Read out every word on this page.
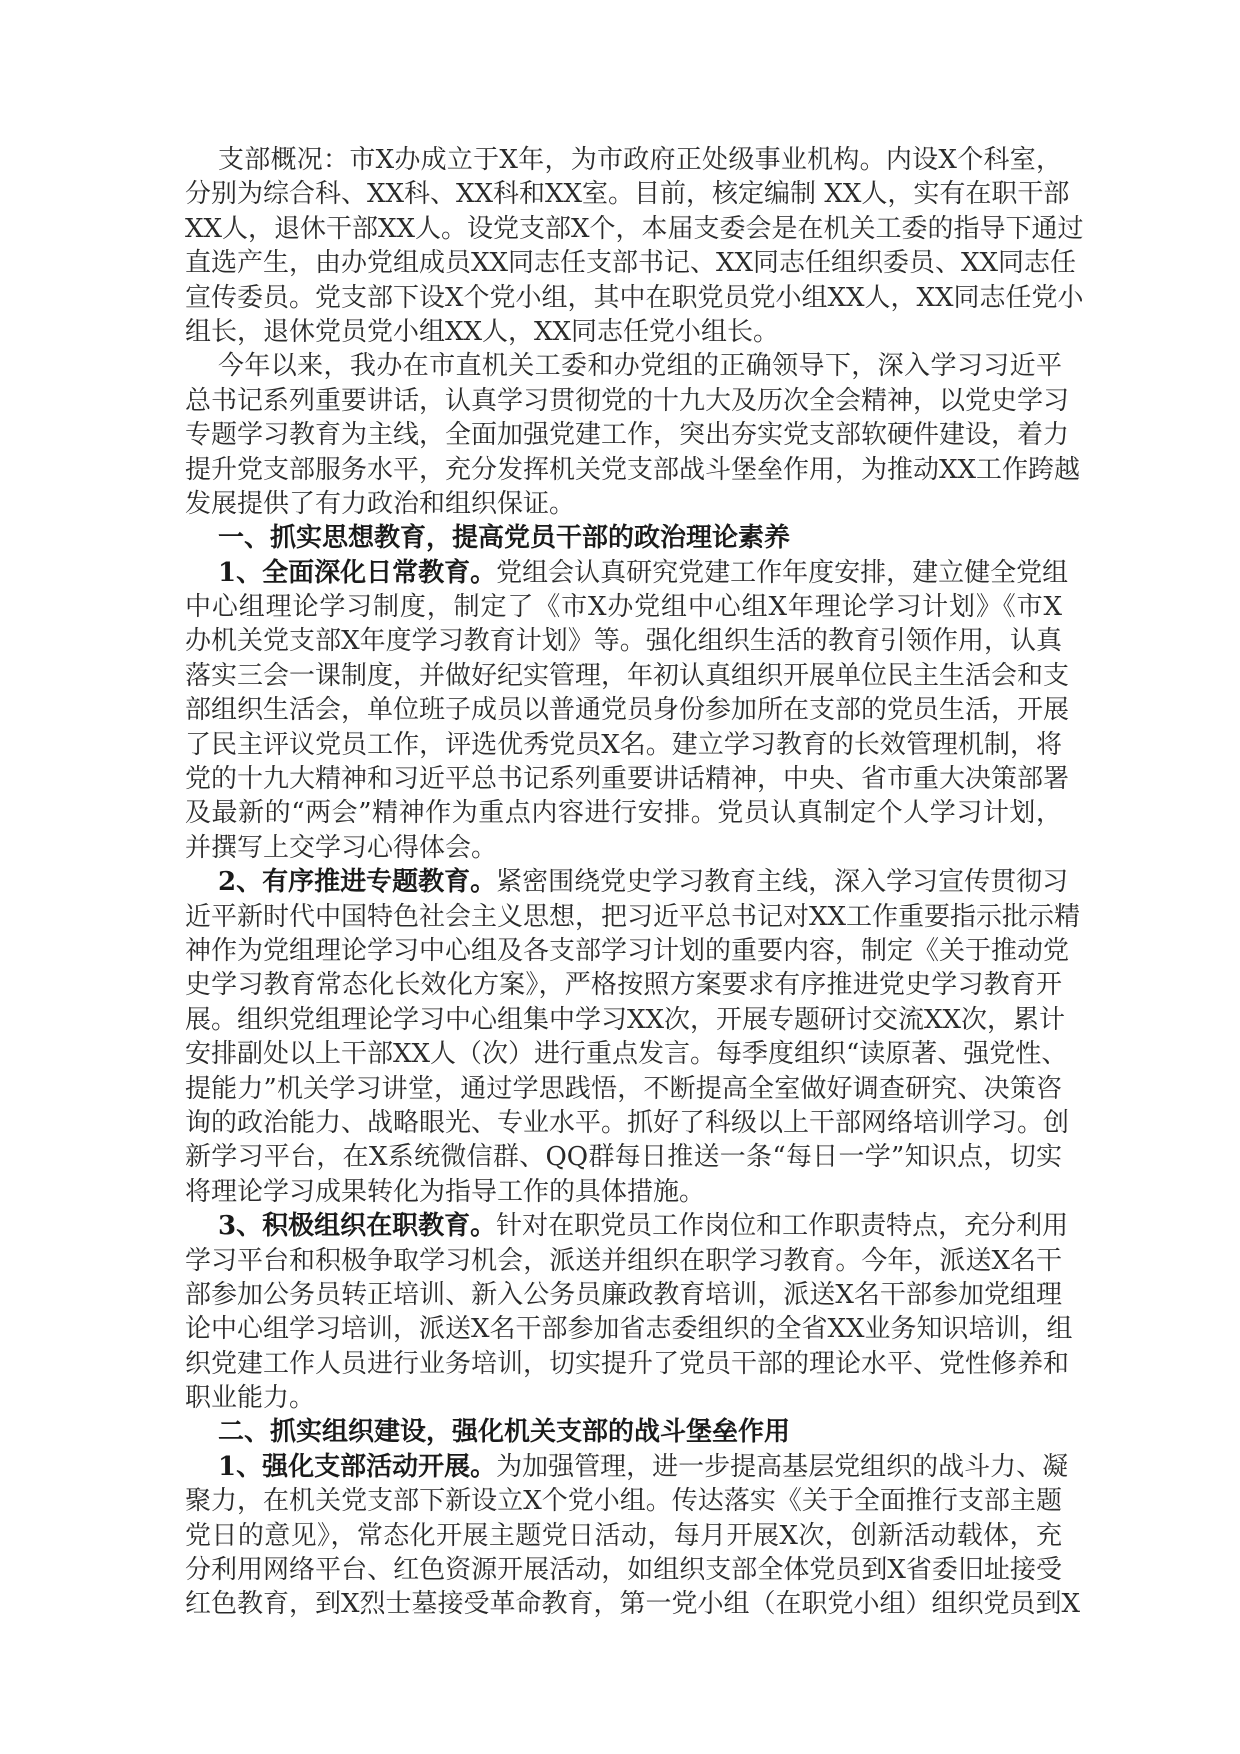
支部概况：市X办成立于X年，为市政府正处级事业机构。内设X个科室，
分别为综合科、XX科、XX科和XX室。目前，核定编制 XX人，实有在职干部
XX人，退休干部XX人。设党支部X个，本届支委会是在机关工委的指导下通过
直选产生，由办党组成员XX同志任支部书记、XX同志任组织委员、XX同志任
宣传委员。党支部下设X个党小组，其中在职党员党小组XX人，XX同志任党小
组长，退休党员党小组XX人，XX同志任党小组长。
今年以来，我办在市直机关工委和办党组的正确领导下，深入学习习近平
总书记系列重要讲话，认真学习贯彻党的十九大及历次全会精神，以党史学习
专题学习教育为主线，全面加强党建工作，突出夯实党支部软硬件建设，着力
提升党支部服务水平，充分发挥机关党支部战斗堡垒作用，为推动XX工作跨越
发展提供了有力政治和组织保证。
一、抓实思想教育，提高党员干部的政治理论素养
1、全面深化日常教育。党组会认真研究党建工作年度安排，建立健全党组
中心组理论学习制度，制定了《市X办党组中心组X年理论学习计划》《市X
办机关党支部X年度学习教育计划》等。强化组织生活的教育引领作用，认真
落实三会一课制度，并做好纪实管理，年初认真组织开展单位民主生活会和支
部组织生活会，单位班子成员以普通党员身份参加所在支部的党员生活，开展
了民主评议党员工作，评选优秀党员X名。建立学习教育的长效管理机制，将
党的十九大精神和习近平总书记系列重要讲话精神，中央、省市重大决策部署
及最新的“两会”精神作为重点内容进行安排。党员认真制定个人学习计划，
并撰写上交学习心得体会。
2、有序推进专题教育。紧密围绕党史学习教育主线，深入学习宣传贯彻习
近平新时代中国特色社会主义思想，把习近平总书记对XX工作重要指示批示精
神作为党组理论学习中心组及各支部学习计划的重要内容，制定《关于推动党
史学习教育常态化长效化方案》，严格按照方案要求有序推进党史学习教育开
展。组织党组理论学习中心组集中学习XX次，开展专题研讨交流XX次，累计
安排副处以上干部XX人（次）进行重点发言。每季度组织“读原著、强党性、
提能力”机关学习讲堂，通过学思践悟，不断提高全室做好调查研究、决策咨
询的政治能力、战略眼光、专业水平。抓好了科级以上干部网络培训学习。创
新学习平台，在X系统微信群、QQ群每日推送一条“每日一学”知识点，切实
将理论学习成果转化为指导工作的具体措施。
3、积极组织在职教育。针对在职党员工作岗位和工作职责特点，充分利用
学习平台和积极争取学习机会，派送并组织在职学习教育。今年，派送X名干
部参加公务员转正培训、新入公务员廉政教育培训，派送X名干部参加党组理
论中心组学习培训，派送X名干部参加省志委组织的全省XX业务知识培训，组
织党建工作人员进行业务培训，切实提升了党员干部的理论水平、党性修养和
职业能力。
二、抓实组织建设，强化机关支部的战斗堡垒作用
1、强化支部活动开展。为加强管理，进一步提高基层党组织的战斗力、凝
聚力，在机关党支部下新设立X个党小组。传达落实《关于全面推行支部主题
党日的意见》，常态化开展主题党日活动，每月开展X次，创新活动载体，充
分利用网络平台、红色资源开展活动，如组织支部全体党员到X省委旧址接受
红色教育，到X烈士墓接受革命教育，第一党小组（在职党小组）组织党员到X
